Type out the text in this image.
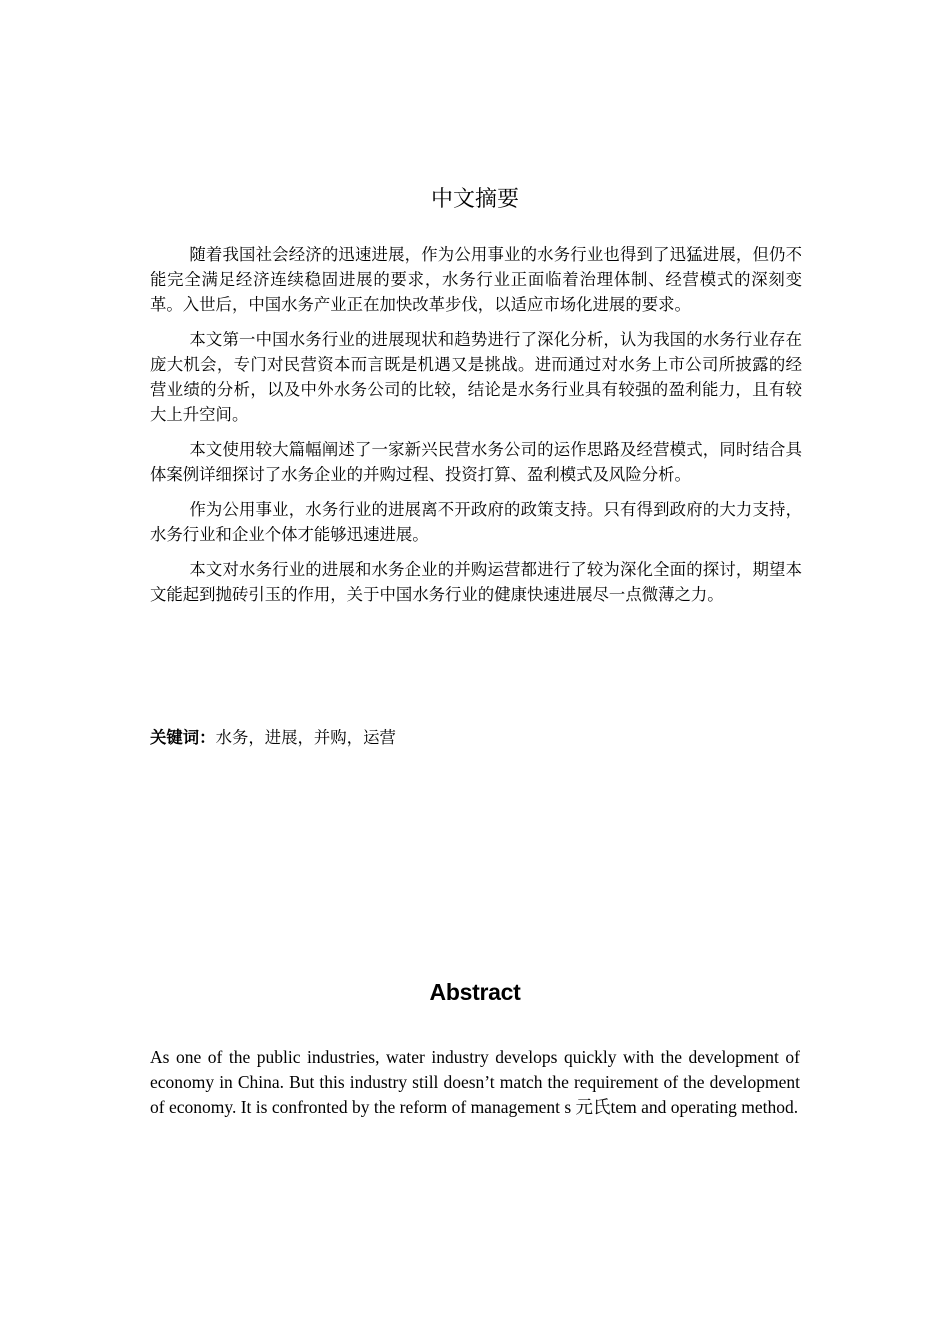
中文摘要

随着我国社会经济的迅速进展，作为公用事业的水务行业也得到了迅猛进展，但仍不能完全满足经济连续稳固进展的要求，水务行业正面临着治理体制、经营模式的深刻变革。入世后，中国水务产业正在加快改革步伐，以适应市场化进展的要求。

本文第一中国水务行业的进展现状和趋势进行了深化分析，认为我国的水务行业存在庞大机会，专门对民营资本而言既是机遇又是挑战。进而通过对水务上市公司所披露的经营业绩的分析，以及中外水务公司的比较，结论是水务行业具有较强的盈利能力，且有较大上升空间。

本文使用较大篇幅阐述了一家新兴民营水务公司的运作思路及经营模式，同时结合具体案例详细探讨了水务企业的并购过程、投资打算、盈利模式及风险分析。

作为公用事业，水务行业的进展离不开政府的政策支持。只有得到政府的大力支持，水务行业和企业个体才能够迅速进展。

本文对水务行业的进展和水务企业的并购运营都进行了较为深化全面的探讨，期望本文能起到抛砖引玉的作用，关于中国水务行业的健康快速进展尽一点微薄之力。

关键词：水务，进展，并购，运营
Abstract

As one of the public industries, water industry develops quickly with the development of economy in China. But this industry still doesn’t match the requirement of the development of economy. It is confronted by the reform of management s 元氏tem and operating method.
